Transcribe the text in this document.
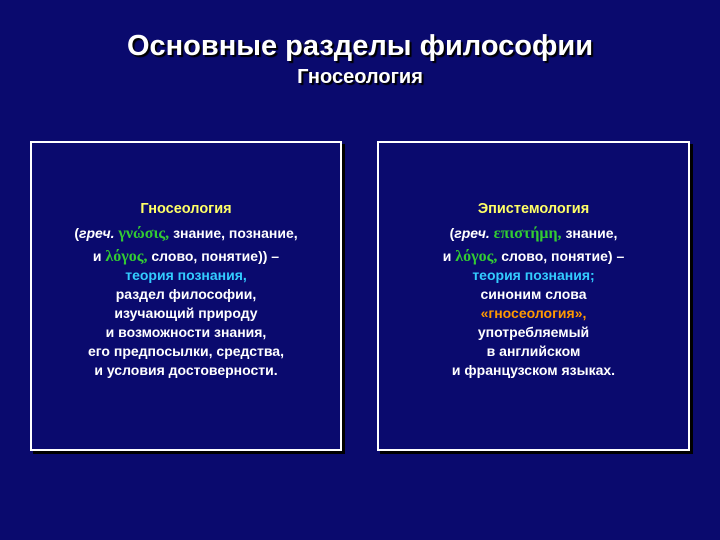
Основные разделы философии
Гносеология
Гносеология
(греч. γνώσις, знание, познание,
и λόγος, слово, понятие)) –
теория познания,
раздел философии,
изучающий природу
и возможности знания,
его предпосылки, средства,
и условия достоверности.
Эпистемология
(греч. επιστήμη, знание,
и λόγος, слово, понятие) –
теория познания;
синоним слова
«гносеология»,
употребляемый
в английском
и французском языках.
